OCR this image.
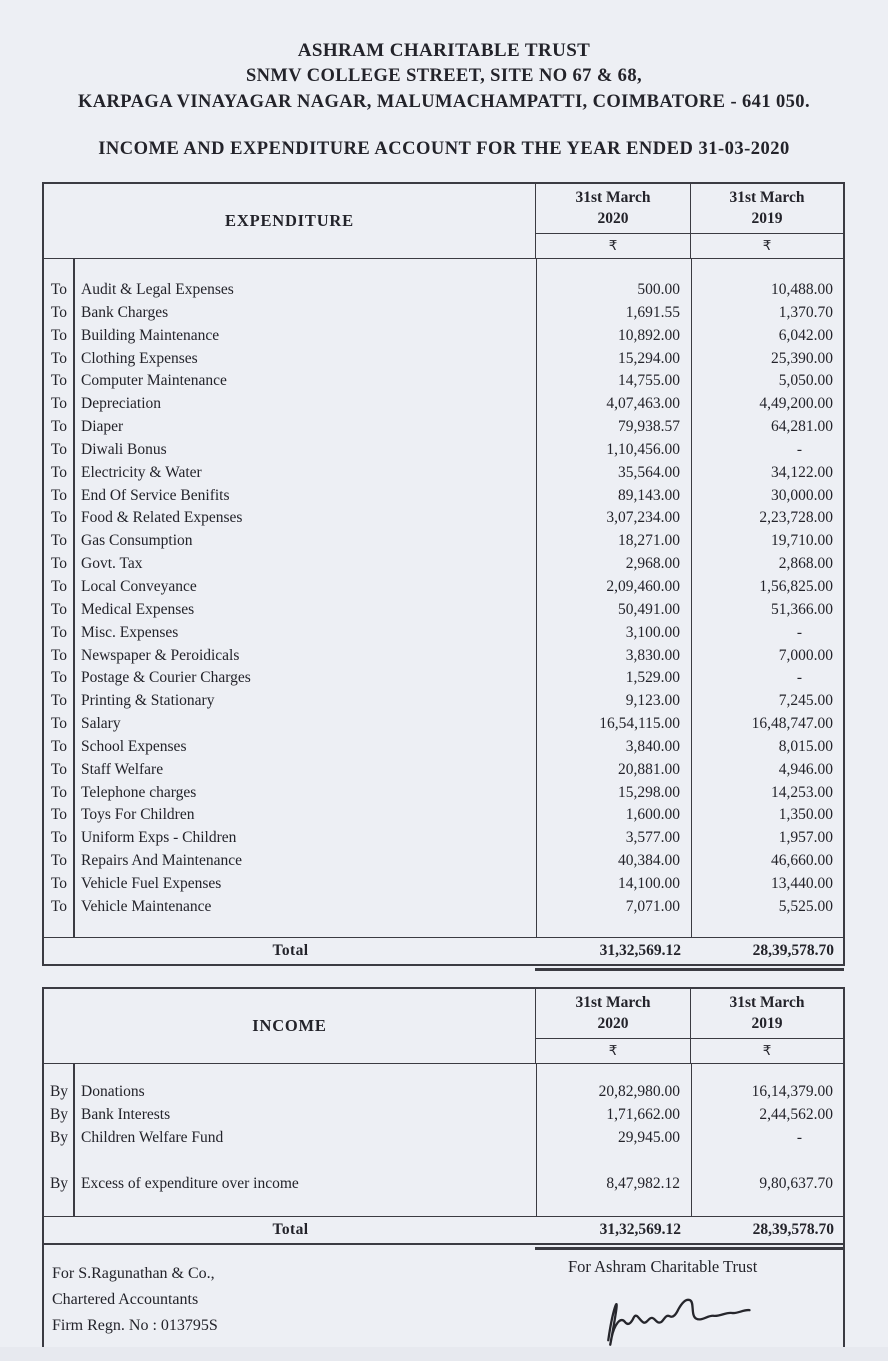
ASHRAM CHARITABLE TRUST
SNMV COLLEGE STREET, SITE NO 67 & 68,
KARPAGA VINAYAGAR NAGAR, MALUMACHAMPATTI, COIMBATORE - 641 050.
INCOME AND EXPENDITURE ACCOUNT FOR THE YEAR ENDED 31-03-2020
EXPENDITURE
31st March
2020
31st March
2019
₹	₹
To Audit & Legal Expenses	500.00	10,488.00
To Bank Charges	1,691.55	1,370.70
To Building Maintenance	10,892.00	6,042.00
To Clothing Expenses	15,294.00	25,390.00
To Computer Maintenance	14,755.00	5,050.00
To Depreciation	4,07,463.00	4,49,200.00
To Diaper	79,938.57	64,281.00
To Diwali Bonus	1,10,456.00	-
To Electricity & Water	35,564.00	34,122.00
To End Of Service Benifits	89,143.00	30,000.00
To Food & Related Expenses	3,07,234.00	2,23,728.00
To Gas Consumption	18,271.00	19,710.00
To Govt. Tax	2,968.00	2,868.00
To Local Conveyance	2,09,460.00	1,56,825.00
To Medical Expenses	50,491.00	51,366.00
To Misc. Expenses	3,100.00	-
To Newspaper & Peroidicals	3,830.00	7,000.00
To Postage & Courier Charges	1,529.00	-
To Printing & Stationary	9,123.00	7,245.00
To Salary	16,54,115.00	16,48,747.00
To School Expenses	3,840.00	8,015.00
To Staff Welfare	20,881.00	4,946.00
To Telephone charges	15,298.00	14,253.00
To Toys For Children	1,600.00	1,350.00
To Uniform Exps - Children	3,577.00	1,957.00
To Repairs And Maintenance	40,384.00	46,660.00
To Vehicle Fuel Expenses	14,100.00	13,440.00
To Vehicle Maintenance	7,071.00	5,525.00
Total	31,32,569.12	28,39,578.70
INCOME
31st March
2020
31st March
2019
₹	₹
By Donations	20,82,980.00	16,14,379.00
By Bank Interests	1,71,662.00	2,44,562.00
By Children Welfare Fund	29,945.00	-
By Excess of expenditure over income	8,47,982.12	9,80,637.70
Total	31,32,569.12	28,39,578.70
For S.Ragunathan & Co.,
Chartered Accountants
Firm Regn. No : 013795S
For Ashram Charitable Trust
